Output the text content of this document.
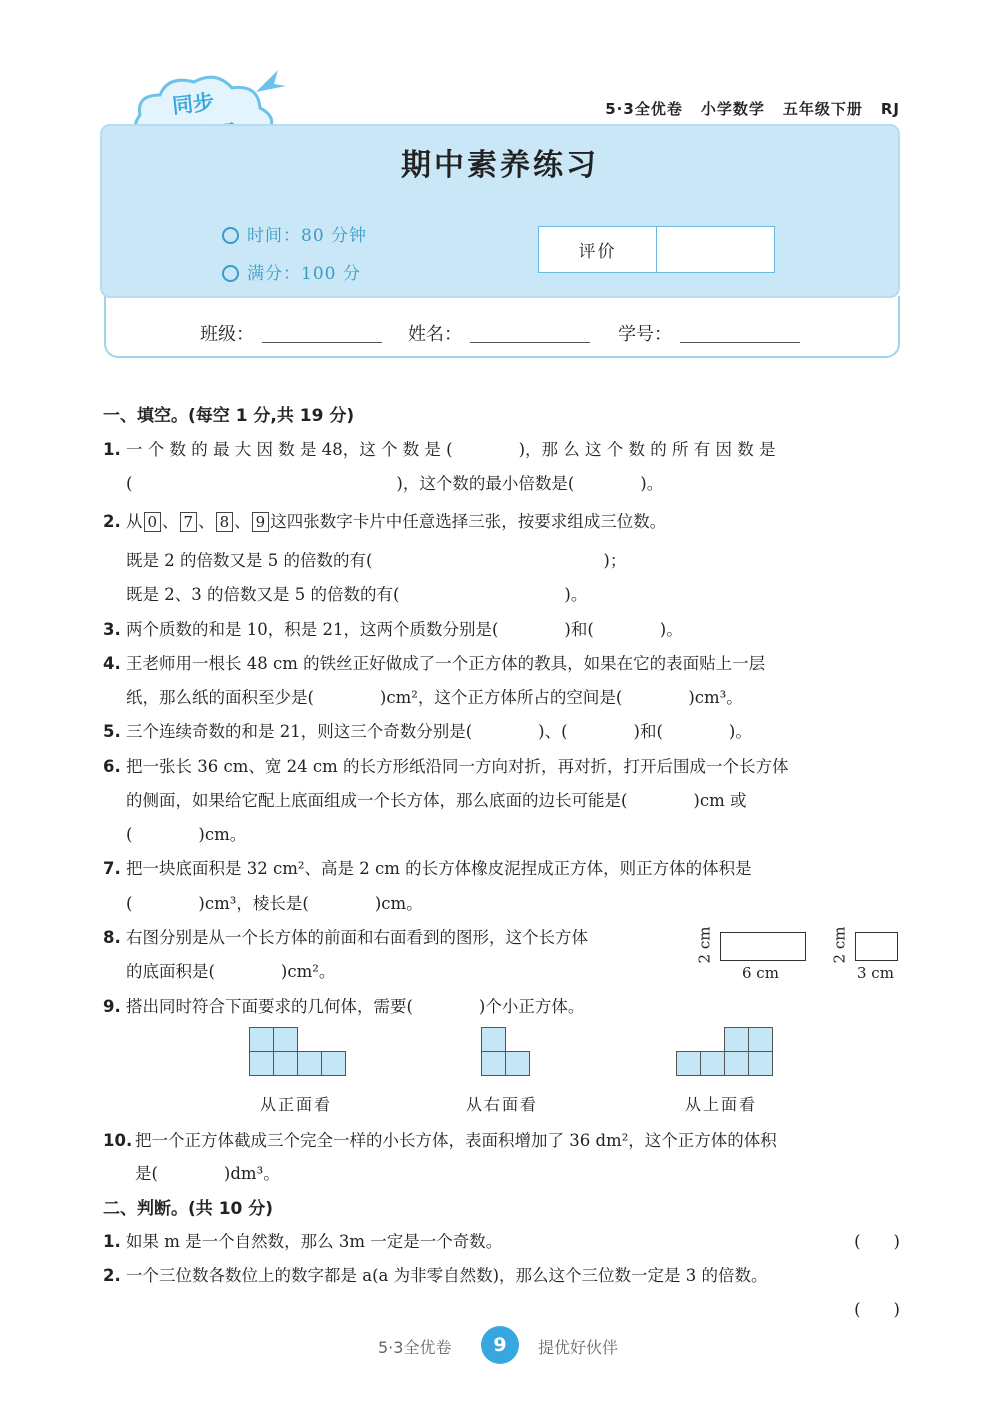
同步	5·3全优卷 小学数学 五年级下册 RJ
期中素养练习
时间：80 分钟
满分：100 分
评价
班级：	姓名：	学号：
一、填空。(每空 1 分,共 19 分)
1. 一 个 数 的 最 大 因 数 是 48，这 个 数 是 (　　　　)，那 么 这 个 数 的 所 有 因 数 是
(　　　　　　　　　　　　　　　　)，这个数的最小倍数是(　　　　)。
2. 从 0 、 7 、 8 、 9 这四张数字卡片中任意选择三张，按要求组成三位数。
既是 2 的倍数又是 5 的倍数的有(　　　　　　　　　　　　　　)；
既是 2、3 的倍数又是 5 的倍数的有(　　　　　　　　　　)。
3. 两个质数的和是 10，积是 21，这两个质数分别是(　　　　)和(　　　　)。
4. 王老师用一根长 48 cm 的铁丝正好做成了一个正方体的教具，如果在它的表面贴上一层
纸，那么纸的面积至少是(　　　　)cm²，这个正方体所占的空间是(　　　　)cm³。
5. 三个连续奇数的和是 21，则这三个奇数分别是(　　　　)、(　　　　)和(　　　　)。
6. 把一张长 36 cm、宽 24 cm 的长方形纸沿同一方向对折，再对折，打开后围成一个长方体
的侧面，如果给它配上底面组成一个长方体，那么底面的边长可能是(　　　　)cm 或
(　　　　)cm。
7. 把一块底面积是 32 cm²、高是 2 cm 的长方体橡皮泥捏成正方体，则正方体的体积是
(　　　　)cm³，棱长是(　　　　)cm。
8. 右图分别是从一个长方体的前面和右面看到的图形，这个长方体
的底面积是(　　　　)cm²。
2 cm
6 cm
2 cm
3 cm
9. 搭出同时符合下面要求的几何体，需要(　　　　)个小正方体。
从正面看	从右面看	从上面看
10. 把一个正方体截成三个完全一样的小长方体，表面积增加了 36 dm²，这个正方体的体积
是(　　　　)dm³。
二、判断。(共 10 分)
1. 如果 m 是一个自然数，那么 3m 一定是一个奇数。	(　　)
2. 一个三位数各数位上的数字都是 a(a 为非零自然数)，那么这个三位数一定是 3 的倍数。
(　　)
5·3全优卷	9	提优好伙伴
